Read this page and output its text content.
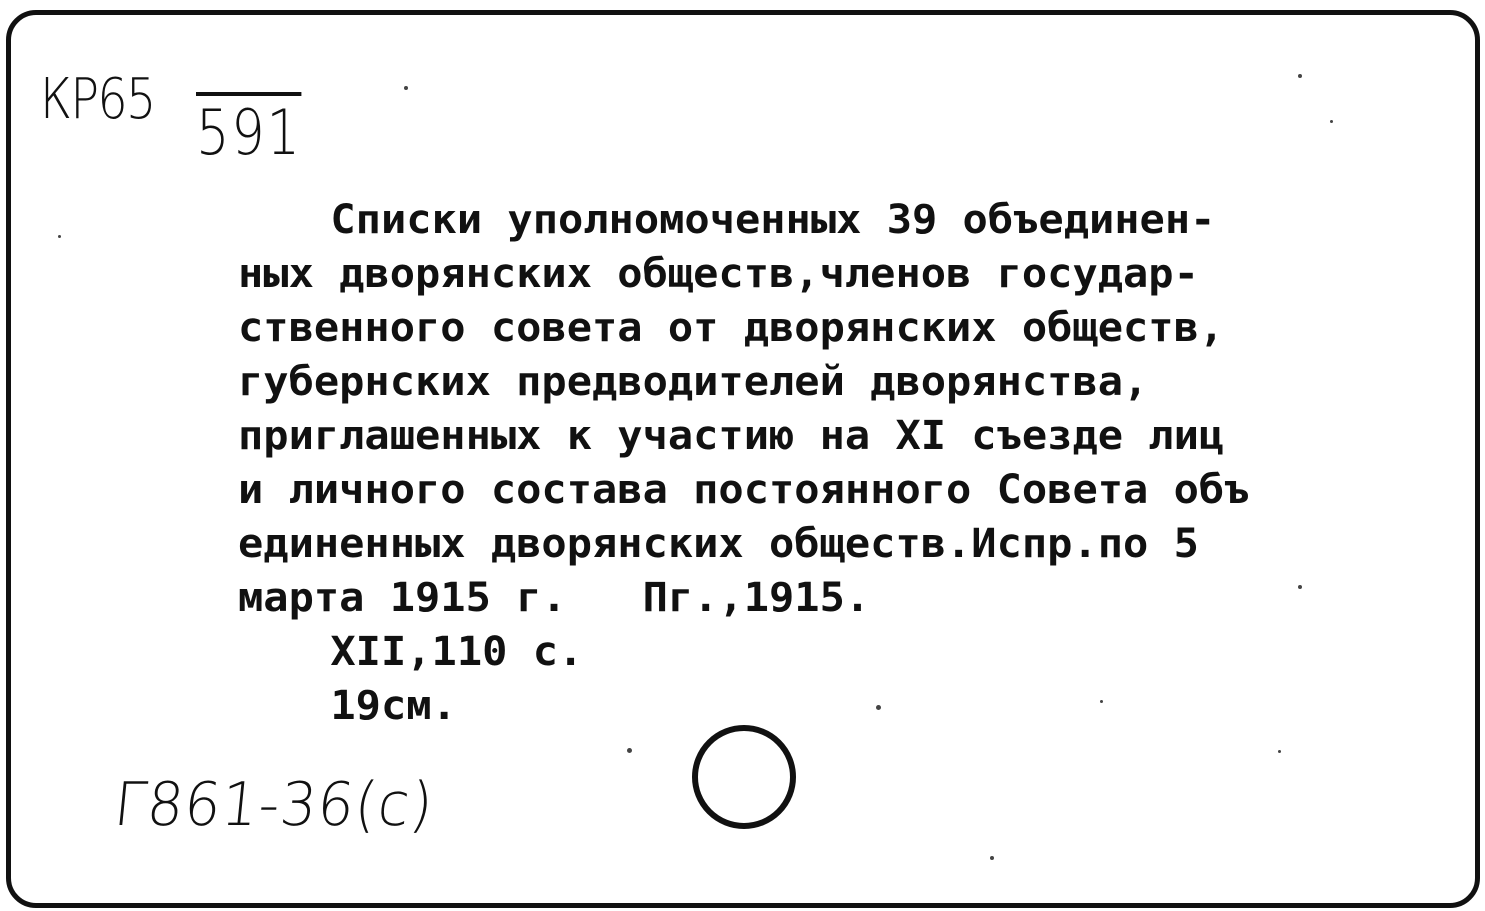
КР65 591
Списки уполномоченных 39 объединен-
ных дворянских обществ,членов государ-
ственного совета от дворянских обществ,
губернских предводителей дворянства,
приглашенных к участию на XI съезде лиц
и личного состава постоянного Совета объ
единенных дворянских обществ.Испр.по 5
марта 1915 г.   Пг.,1915.
XII,110 с.
19см.
Г861-36(с)
